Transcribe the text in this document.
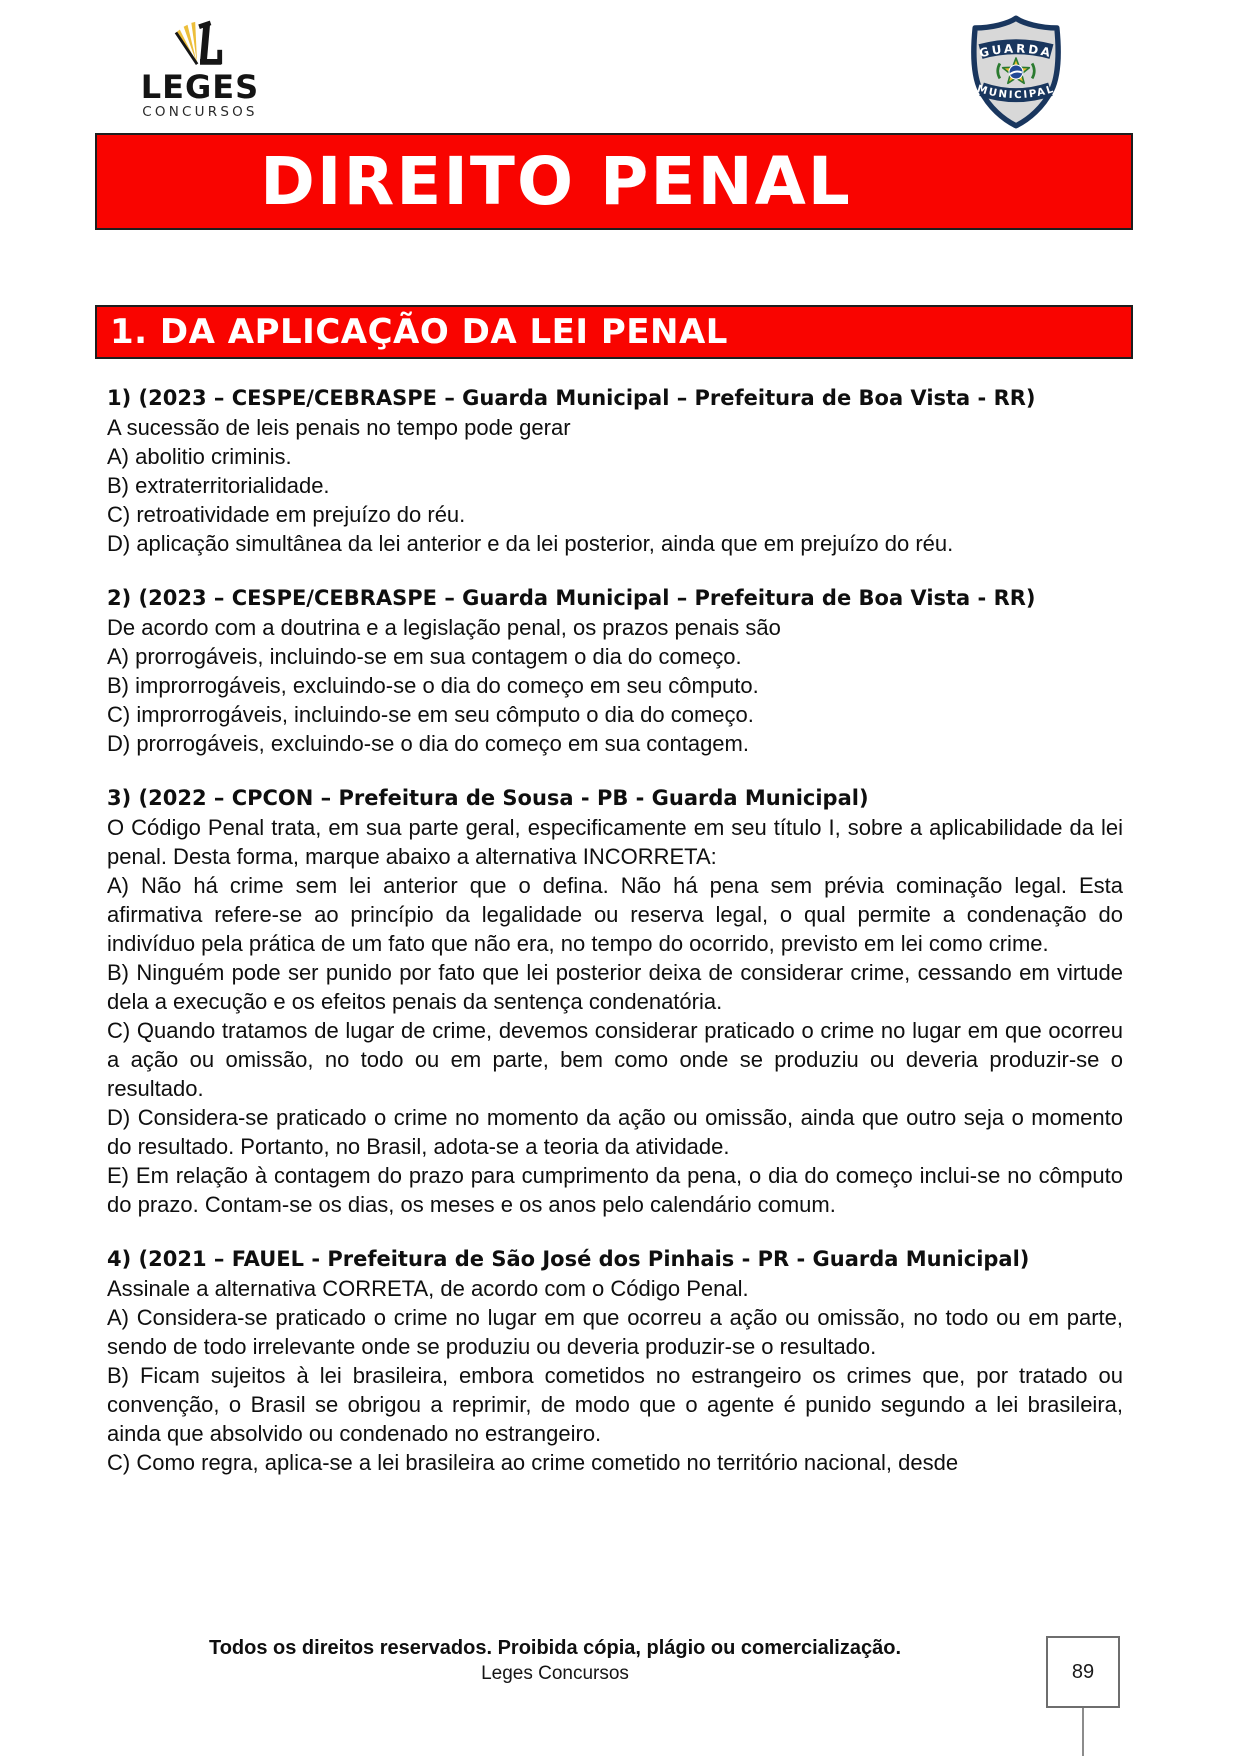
LEGES
CONCURSOS
GUARDA
MUNICIPAL
DIREITO PENAL
1. DA APLICAÇÃO DA LEI PENAL

1) (2023 – CESPE/CEBRASPE – Guarda Municipal – Prefeitura de Boa Vista - RR)

A sucessão de leis penais no tempo pode gerar

A) abolitio criminis.

B) extraterritorialidade.

C) retroatividade em prejuízo do réu.

D) aplicação simultânea da lei anterior e da lei posterior, ainda que em prejuízo do réu.

2) (2023 – CESPE/CEBRASPE – Guarda Municipal – Prefeitura de Boa Vista - RR)

De acordo com a doutrina e a legislação penal, os prazos penais são

A) prorrogáveis, incluindo-se em sua contagem o dia do começo.

B) improrrogáveis, excluindo-se o dia do começo em seu cômputo.

C) improrrogáveis, incluindo-se em seu cômputo o dia do começo.

D) prorrogáveis, excluindo-se o dia do começo em sua contagem.

3) (2022 – CPCON – Prefeitura de Sousa - PB - Guarda Municipal)

O Código Penal trata, em sua parte geral, especificamente em seu título I, sobre a aplicabilidade da lei penal. Desta forma, marque abaixo a alternativa INCORRETA:

A) Não há crime sem lei anterior que o defina. Não há pena sem prévia cominação legal. Esta afirmativa refere-se ao princípio da legalidade ou reserva legal, o qual permite a condenação do indivíduo pela prática de um fato que não era, no tempo do ocorrido, previsto em lei como crime.

B) Ninguém pode ser punido por fato que lei posterior deixa de considerar crime, cessando em virtude dela a execução e os efeitos penais da sentença condenatória.

C) Quando tratamos de lugar de crime, devemos considerar praticado o crime no lugar em que ocorreu a ação ou omissão, no todo ou em parte, bem como onde se produziu ou deveria produzir-se o resultado.

D) Considera-se praticado o crime no momento da ação ou omissão, ainda que outro seja o momento do resultado. Portanto, no Brasil, adota-se a teoria da atividade.

E) Em relação à contagem do prazo para cumprimento da pena, o dia do começo inclui-se no cômputo do prazo. Contam-se os dias, os meses e os anos pelo calendário comum.

4) (2021 – FAUEL - Prefeitura de São José dos Pinhais - PR - Guarda Municipal)

Assinale a alternativa CORRETA, de acordo com o Código Penal.

A) Considera-se praticado o crime no lugar em que ocorreu a ação ou omissão, no todo ou em parte, sendo de todo irrelevante onde se produziu ou deveria produzir-se o resultado.

B) Ficam sujeitos à lei brasileira, embora cometidos no estrangeiro os crimes que, por tratado ou convenção, o Brasil se obrigou a reprimir, de modo que o agente é punido segundo a lei brasileira, ainda que absolvido ou condenado no estrangeiro.

C) Como regra, aplica-se a lei brasileira ao crime cometido no território nacional, desde

Todos os direitos reservados. Proibida cópia, plágio ou comercialização.
Leges Concursos	89
